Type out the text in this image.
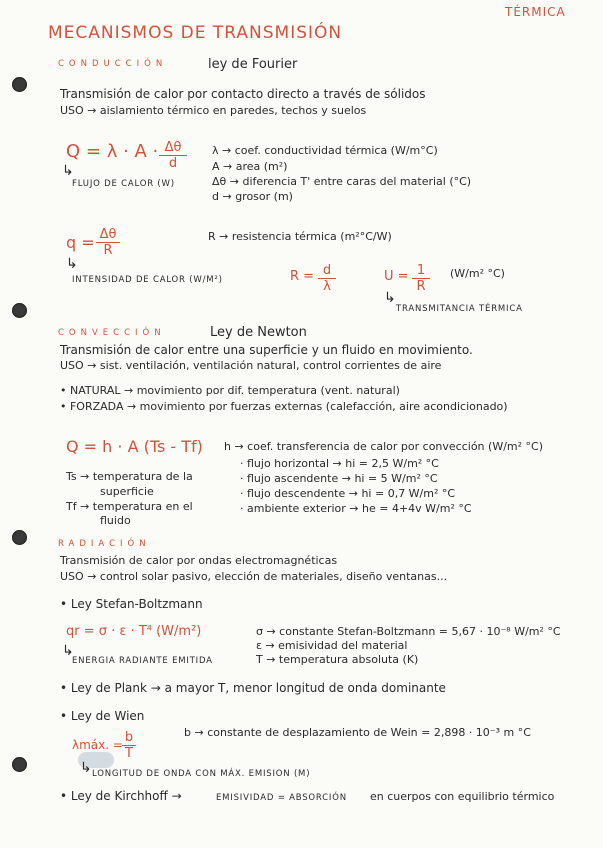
TÉRMICA
MECANISMOS DE TRANSMISIÓN
CONDUCCIÓN	ley de Fourier
Transmisión de calor por contacto directo a través de sólidos
USO → aislamiento térmico en paredes, techos y suelos
Q = λ · A · Δθ
d
↳
FLUJO DE CALOR (W)
λ → coef. conductividad térmica (W/m°C)
A → area (m²)
Δθ → diferencia T' entre caras del material (°C)
d → grosor (m)
q = Δθ
R
↳
INTENSIDAD DE CALOR (W/M²)
R → resistencia térmica (m²°C/W)
R = d
λ
U = 1
R
(W/m² °C)
↳
TRANSMITANCIA TÉRMICA
CONVECCIÓN	Ley de Newton
Transmisión de calor entre una superficie y un fluido en movimiento.
USO → sist. ventilación, ventilación natural, control corrientes de aire
• NATURAL → movimiento por dif. temperatura (vent. natural)
• FORZADA → movimiento por fuerzas externas (calefacción, aire acondicionado)
Q = h · A (Ts - Tf) h → coef. transferencia de calor por convección (W/m² °C)
· flujo horizontal → hi = 2,5 W/m² °C
· flujo ascendente → hi = 5 W/m² °C
· flujo descendente → hi = 0,7 W/m² °C
· ambiente exterior → he = 4+4v W/m² °C
Ts → temperatura de la
superficie
Tf → temperatura en el
fluido
RADIACIÓN
Transmisión de calor por ondas electromagnéticas
USO → control solar pasivo, elección de materiales, diseño ventanas...
• Ley Stefan-Boltzmann
qr = σ · ε · T⁴ (W/m²)
↳
ENERGIA RADIANTE EMITIDA
σ → constante Stefan-Boltzmann = 5,67 · 10⁻⁸ W/m² °C
ε → emisividad del material
T → temperatura absoluta (K)
• Ley de Plank → a mayor T, menor longitud de onda dominante
• Ley de Wien
λmáx. = b
T
b → constante de desplazamiento de Wein = 2,898 · 10⁻³ m °C
↳ LONGITUD DE ONDA CON MÁX. EMISION (M)
• Ley de Kirchhoff →	EMISIVIDAD = ABSORCIÓN en cuerpos con equilibrio térmico
